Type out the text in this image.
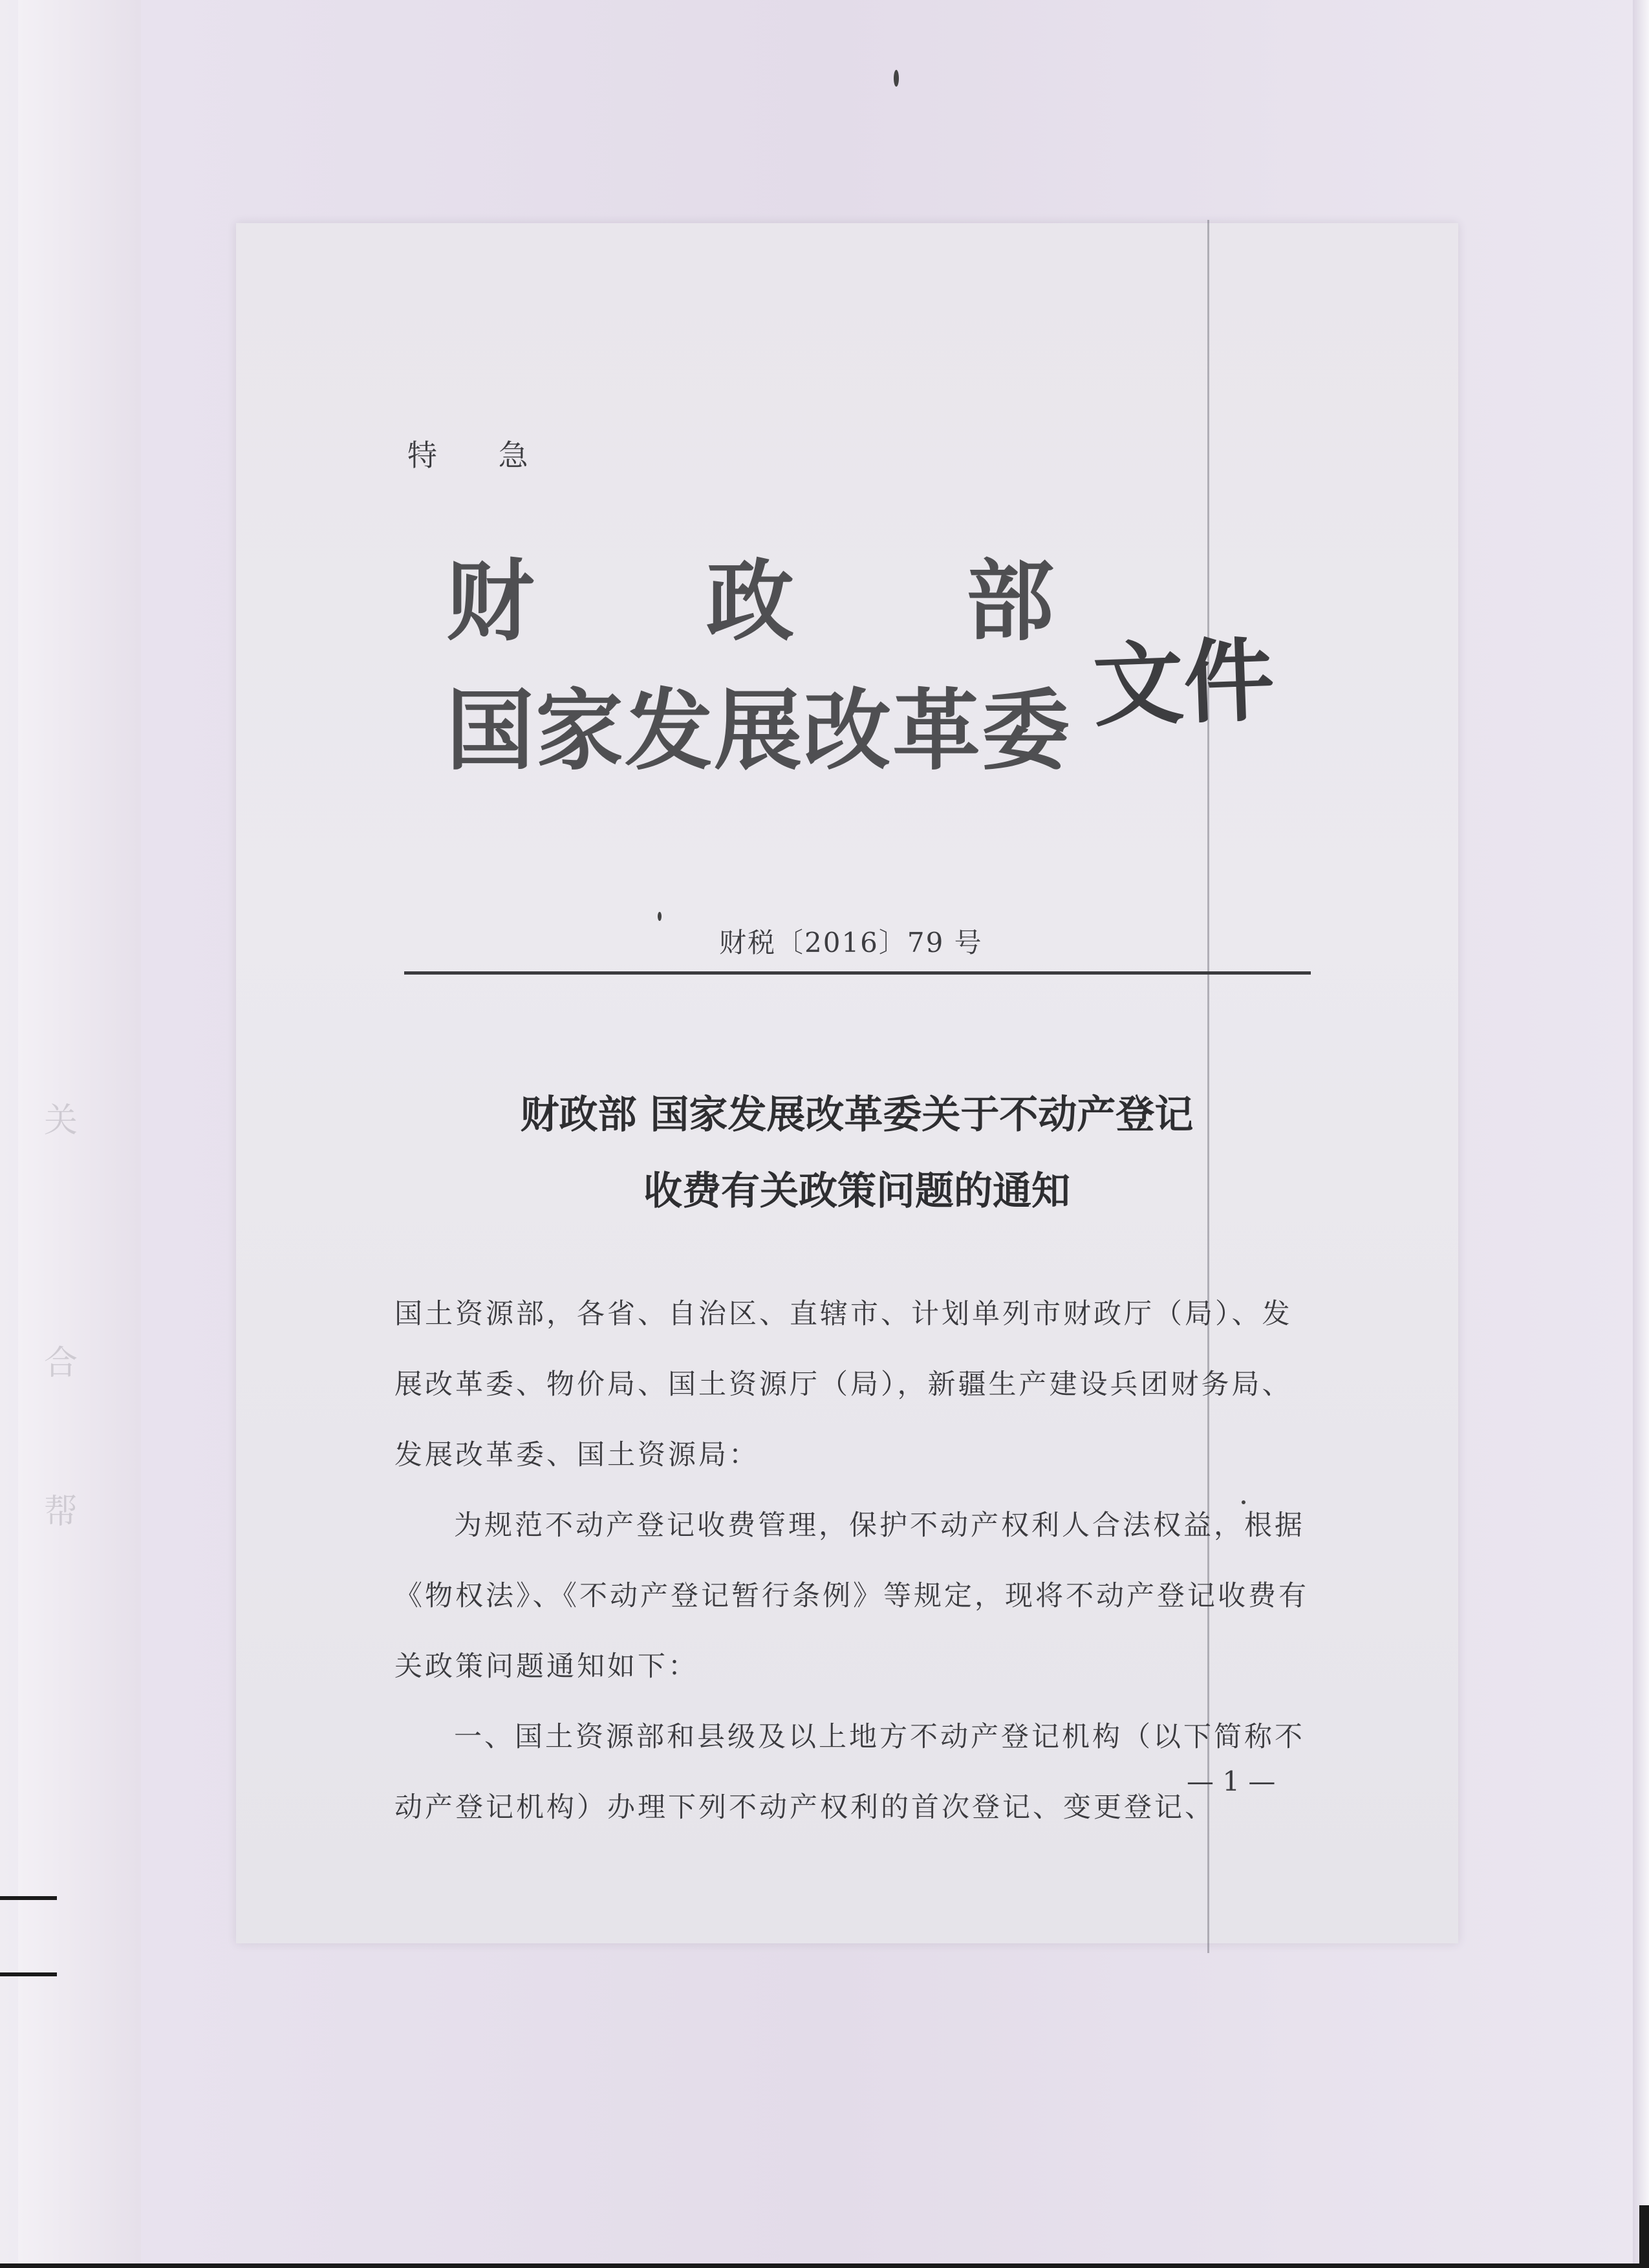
关
合
帮
特 急
财 政 部
国家发展改革委 文件
财税〔2016〕79 号
财政部 国家发展改革委关于不动产登记
收费有关政策问题的通知

国土资源部，各省、自治区、直辖市、计划单列市财政厅（局）、发展改革委、物价局、国土资源厅（局），新疆生产建设兵团财务局、发展改革委、国土资源局：

为规范不动产登记收费管理，保护不动产权利人合法权益，根据《物权法》、《不动产登记暂行条例》等规定，现将不动产登记收费有关政策问题通知如下：

一、国土资源部和县级及以上地方不动产登记机构（以下简称不动产登记机构）办理下列不动产权利的首次登记、变更登记、

— 1 —
